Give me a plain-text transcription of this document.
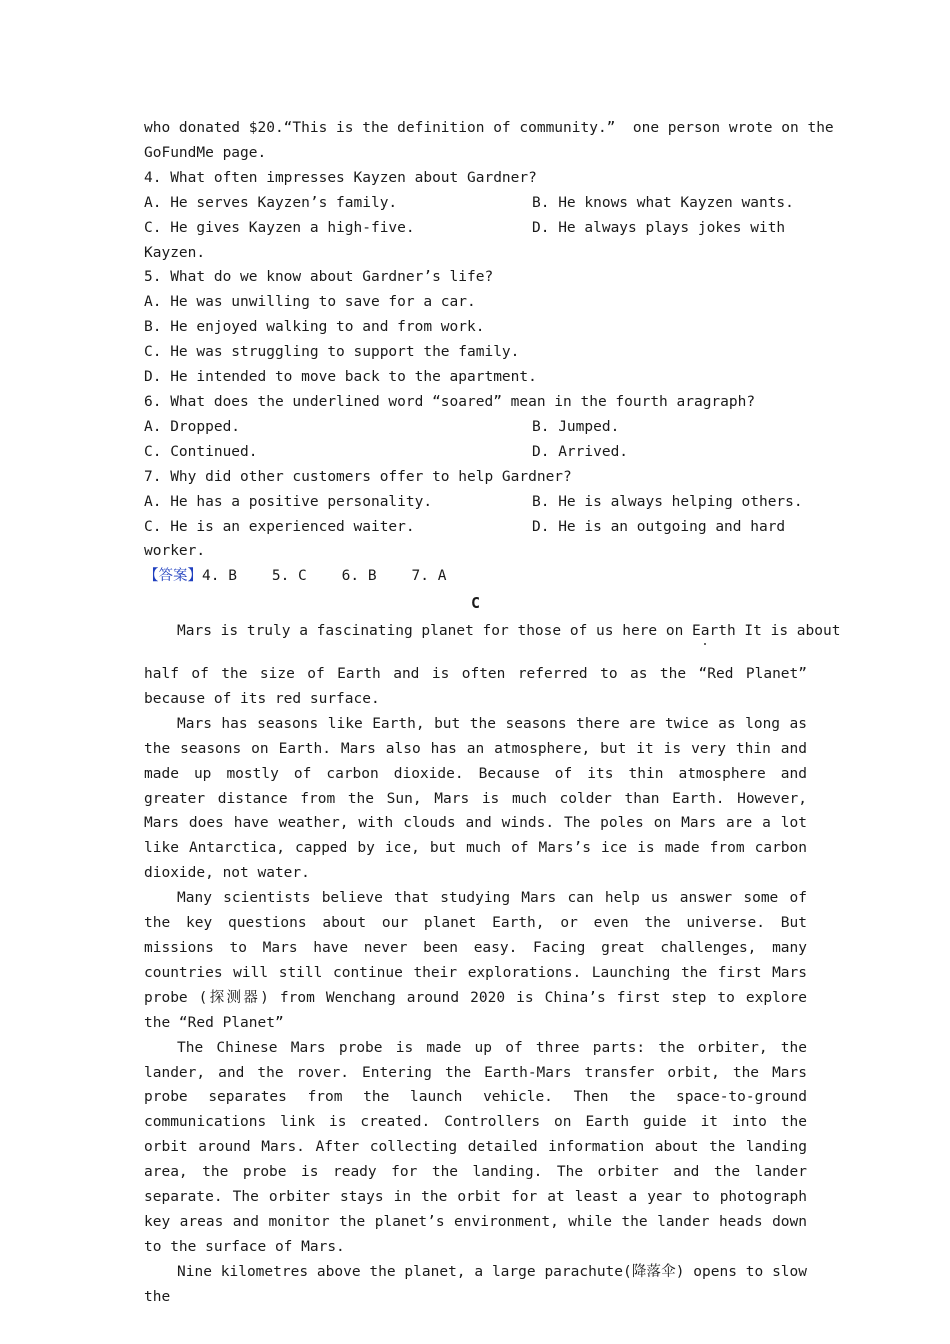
who donated $20.“This is the definition of community.”  one person wrote on the
GoFundMe page.
4. What often impresses Kayzen about Gardner?
A. He serves Kayzen’s family.	B. He knows what Kayzen wants.
C. He gives Kayzen a high-five.	D. He always plays jokes with
Kayzen.
5. What do we know about Gardner’s life?
A. He was unwilling to save for a car.
B. He enjoyed walking to and from work.
C. He was struggling to support the family.
D. He intended to move back to the apartment.
6. What does the underlined word “soared” mean in the fourth aragraph?
A. Dropped.	B. Jumped.
C. Continued.	D. Arrived.
7. Why did other customers offer to help Gardner?
A. He has a positive personality.	B. He is always helping others.
C. He is an experienced waiter.	D. He is an outgoing and hard
worker.
【答案】4. B    5. C    6. B    7. A
C
Mars is truly a fascinating planet for those of us here on Earth It is about
half of the size of Earth and is often referred to as the “Red Planet” because of its red surface.
Mars has seasons like Earth, but the seasons there are twice as long as the seasons on Earth. Mars also has an atmosphere, but it is very thin and made up mostly of carbon dioxide. Because of its thin atmosphere and greater distance from the Sun, Mars is much colder than Earth. However, Mars does have weather, with clouds and winds. The poles on Mars are a lot like Antarctica, capped by ice, but much of Mars’s ice is made from carbon dioxide, not water.
Many scientists believe that studying Mars can help us answer some of the key questions about our planet Earth, or even the universe. But missions to Mars have never been easy. Facing great challenges, many countries will still continue their explorations. Launching the first Mars probe (探测器) from Wenchang around 2020 is China’s first step to explore the “Red Planet”
The Chinese Mars probe is made up of three parts: the orbiter, the lander, and the rover. Entering the Earth-Mars transfer orbit, the Mars probe separates from the launch vehicle. Then the space-to-ground communications link is created. Controllers on Earth guide it into the orbit around Mars. After collecting detailed information about the landing area, the probe is ready for the landing. The orbiter and the lander separate. The orbiter stays in the orbit for at least a year to photograph key areas and monitor the planet’s environment, while the lander heads down to the surface of Mars.
Nine kilometres above the planet, a large parachute(降落伞) opens to slow the
